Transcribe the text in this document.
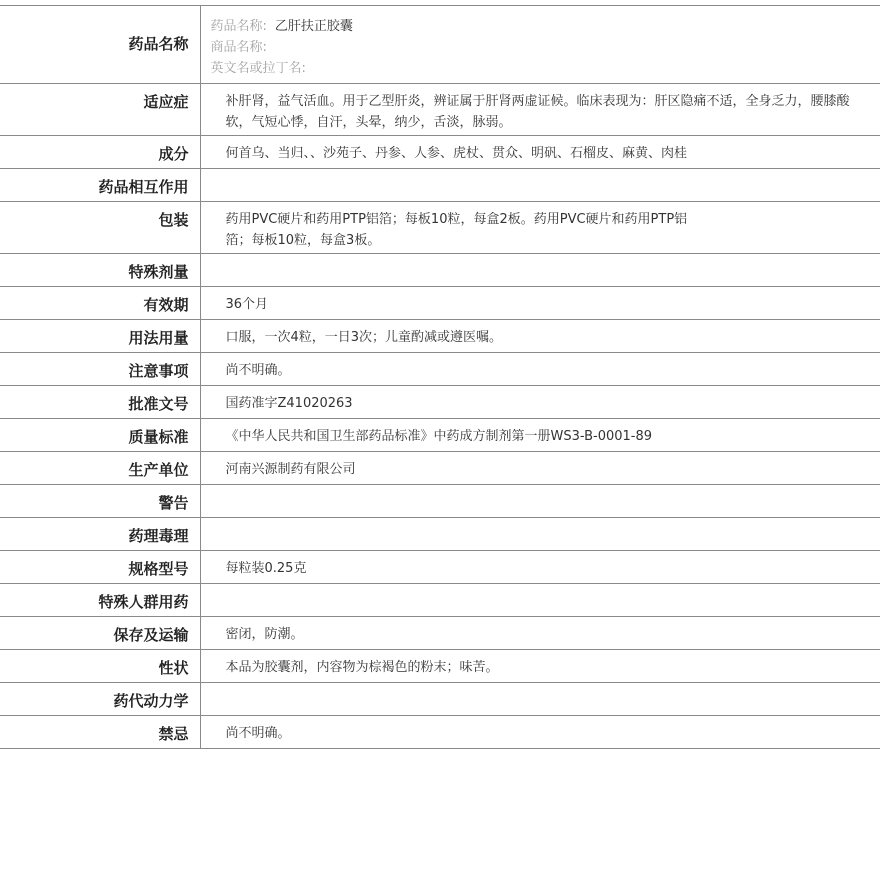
药品名称	药品名称: 乙肝扶正胶囊
商品名称:
英文名或拉丁名:

适应症	补肝肾，益气活血。用于乙型肝炎，辨证属于肝肾两虚证候。临床表现为：肝区隐痛不适，全身乏力，腰膝酸软，气短心悸，自汗，头晕，纳少，舌淡，脉弱。

成分	何首乌、当归、、沙苑子、丹参、人参、虎杖、贯众、明矾、石榴皮、麻黄、肉桂

药品相互作用	

包装	药用PVC硬片和药用PTP铝箔；每板10粒，每盒2板。药用PVC硬片和药用PTP铝箔；每板10粒，每盒3板。

特殊剂量	

有效期	36个月

用法用量	口服，一次4粒，一日3次；儿童酌减或遵医嘱。

注意事项	尚不明确。

批准文号	国药准字Z41020263

质量标准	《中华人民共和国卫生部药品标准》中药成方制剂第一册WS3-B-0001-89

生产单位	河南兴源制药有限公司

警告	

药理毒理	

规格型号	每粒装0.25克

特殊人群用药	

保存及运输	密闭，防潮。

性状	本品为胶囊剂，内容物为棕褐色的粉末；味苦。

药代动力学	

禁忌	尚不明确。
